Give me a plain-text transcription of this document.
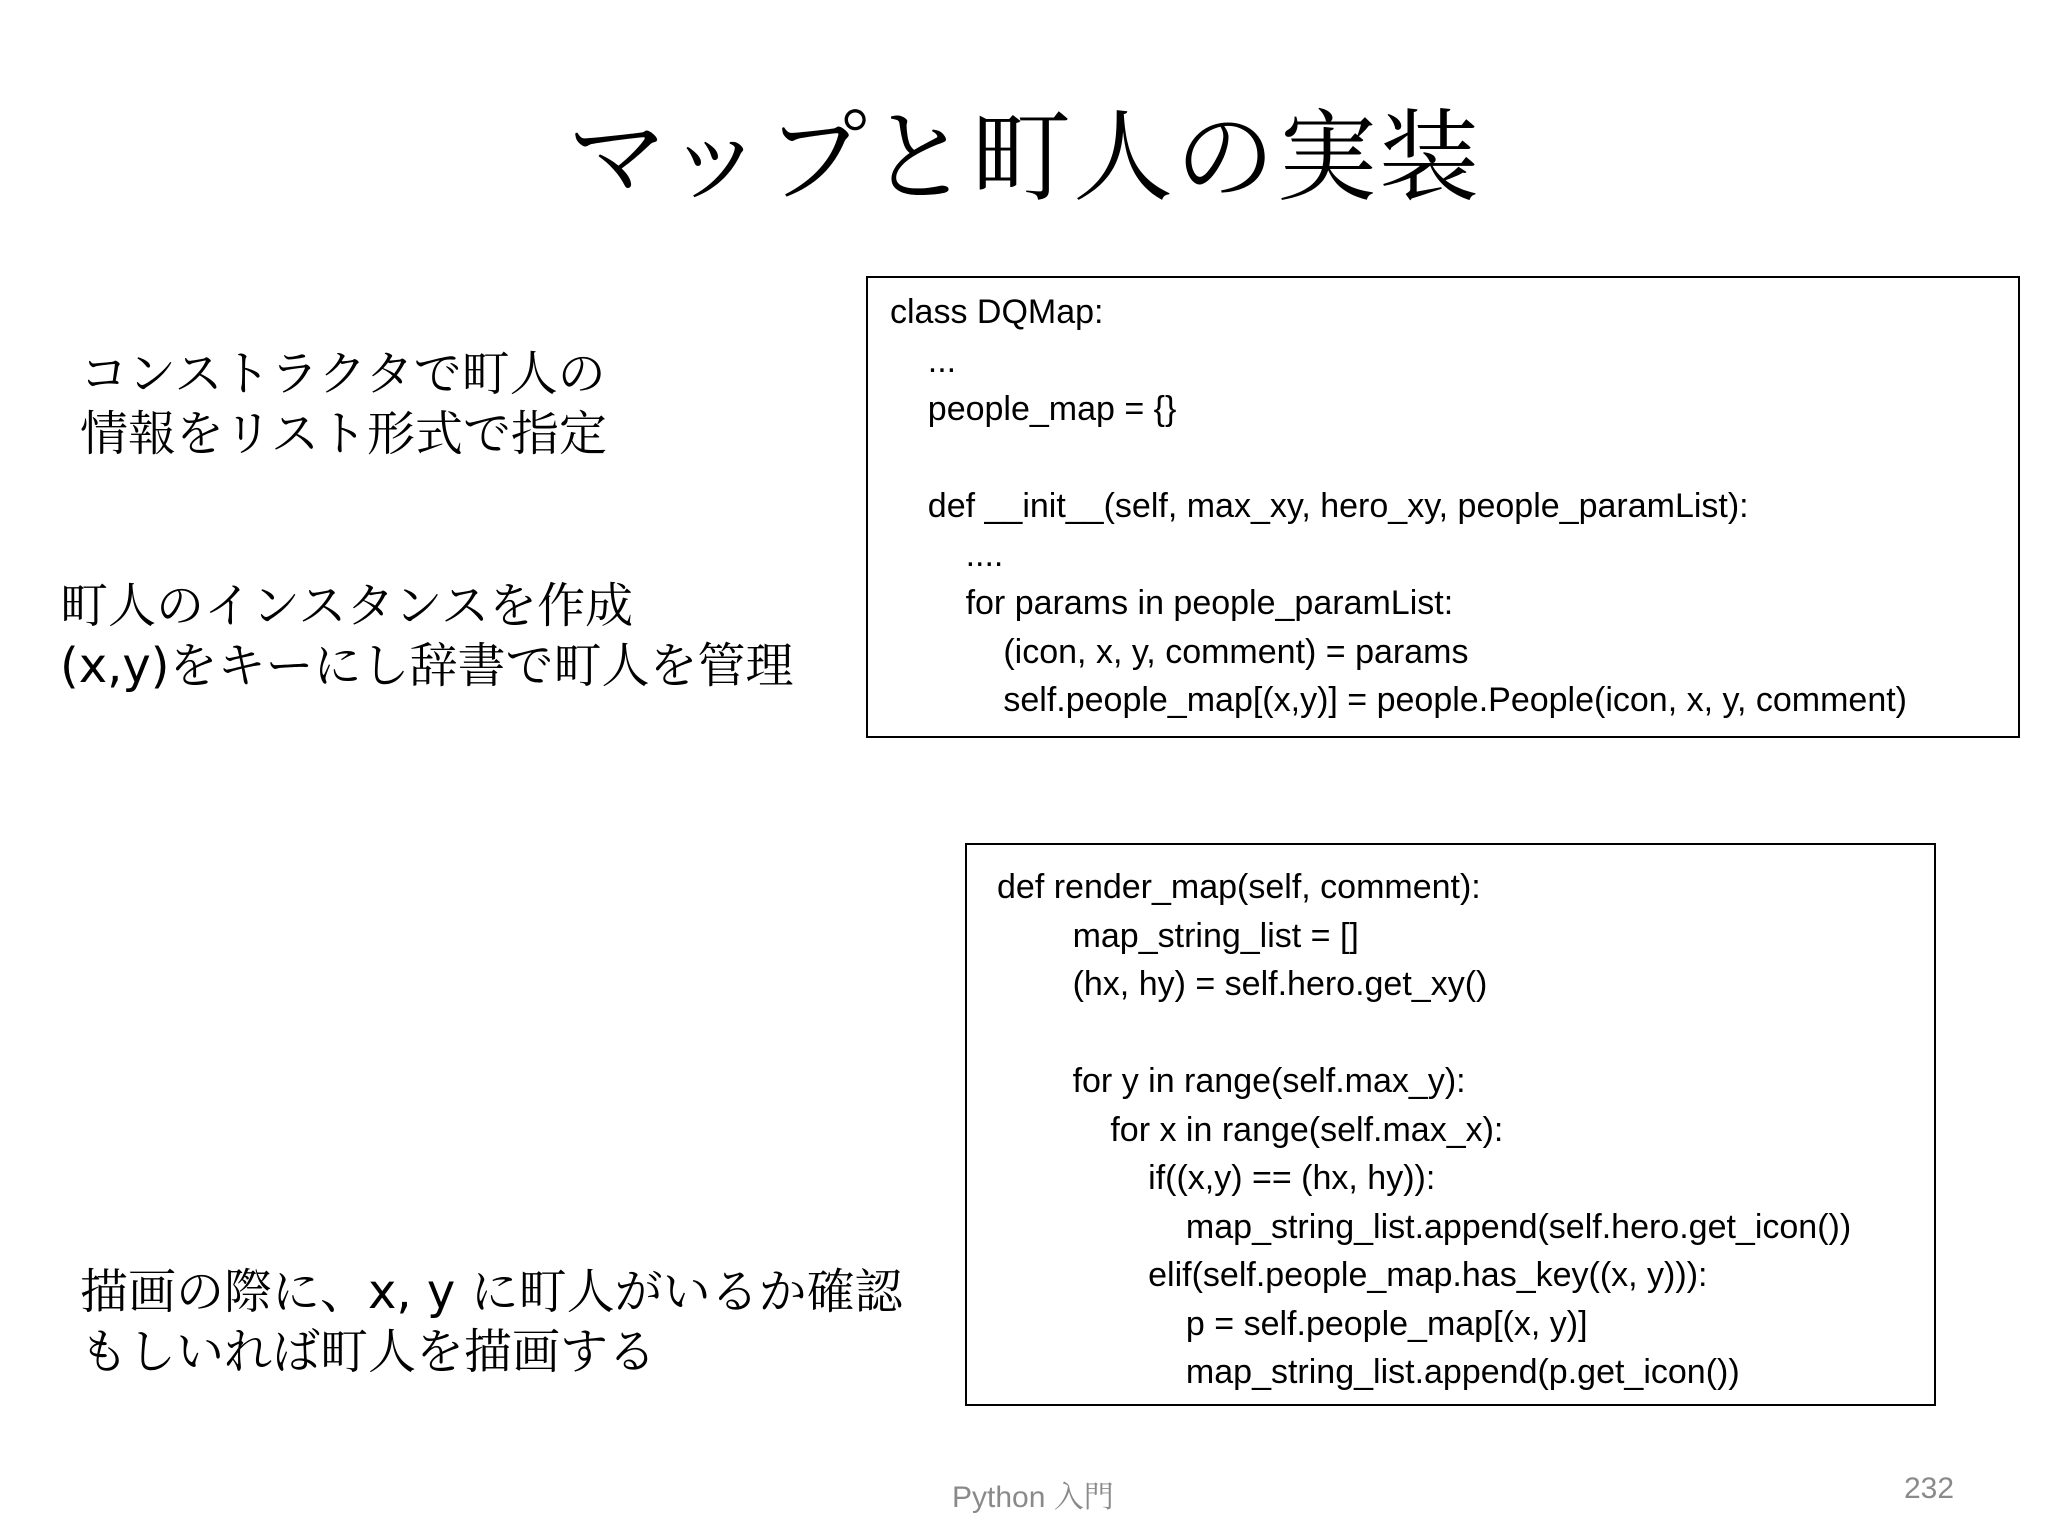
マップと町人の実装
コンストラクタで町人の
情報をリスト形式で指定
町人のインスタンスを作成
(x,y)をキーにし辞書で町人を管理
描画の際に、x, y に町人がいるか確認
もしいれば町人を描画する
class DQMap:
...
people_map = {}
def __init__(self, max_xy, hero_xy, people_paramList):
....
for params in people_paramList:
(icon, x, y, comment) = params
self.people_map[(x,y)] = people.People(icon, x, y, comment)
def render_map(self, comment):
map_string_list = []
(hx, hy) = self.hero.get_xy()
for y in range(self.max_y):
for x in range(self.max_x):
if((x,y) == (hx, hy)):
map_string_list.append(self.hero.get_icon())
elif(self.people_map.has_key((x, y))):
p = self.people_map[(x, y)]
map_string_list.append(p.get_icon())
Python 入門	232
